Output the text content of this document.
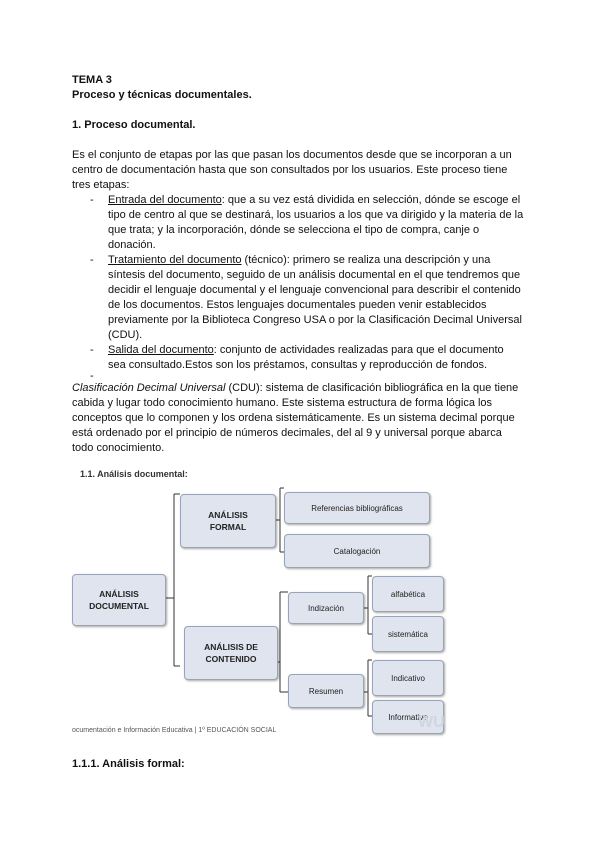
TEMA 3
Proceso y técnicas documentales.
1. Proceso documental.
Es el conjunto de etapas por las que pasan los documentos desde que se incorporan a un
centro de documentación hasta que son consultados por los usuarios. Este proceso tiene
tres etapas:
- Entrada del documento: que a su vez está dividida en selección, dónde se escoge el
tipo de centro al que se destinará, los usuarios a los que va dirigido y la materia de la
que trata; y la incorporación, dónde se selecciona el tipo de compra, canje o
donación.
- Tratamiento del documento (técnico): primero se realiza una descripción y una
síntesis del documento, seguido de un análisis documental en el que tendremos que
decidir el lenguaje documental y el lenguaje convencional para describir el contenido
de los documentos. Estos lenguajes documentales pueden venir establecidos
previamente por la Biblioteca Congreso USA o por la Clasificación Decimal Universal
(CDU).
- Salida del documento: conjunto de actividades realizadas para que el documento
sea consultado.Estos son los préstamos, consultas y reproducción de fondos.
-
Clasificación Decimal Universal (CDU): sistema de clasificación bibliográfica en la que tiene
cabida y lugar todo conocimiento humano. Este sistema estructura de forma lógica los
conceptos que lo componen y los ordena sistemáticamente. Es un sistema decimal porque
está ordenado por el principio de números decimales, del al 9 y universal porque abarca
todo conocimiento.
1.1. Análisis documental:
ANÁLISIS
DOCUMENTAL
ANÁLISIS
FORMAL
ANÁLISIS DE
CONTENIDO
Referencias bibliográficas
Catalogación
Indización
Resumen
alfabética
sistemática
Indicativo
Informativo
WU
ocumentación e Información Educativa | 1º EDUCACIÓN SOCIAL
1.1.1. Análisis formal:
